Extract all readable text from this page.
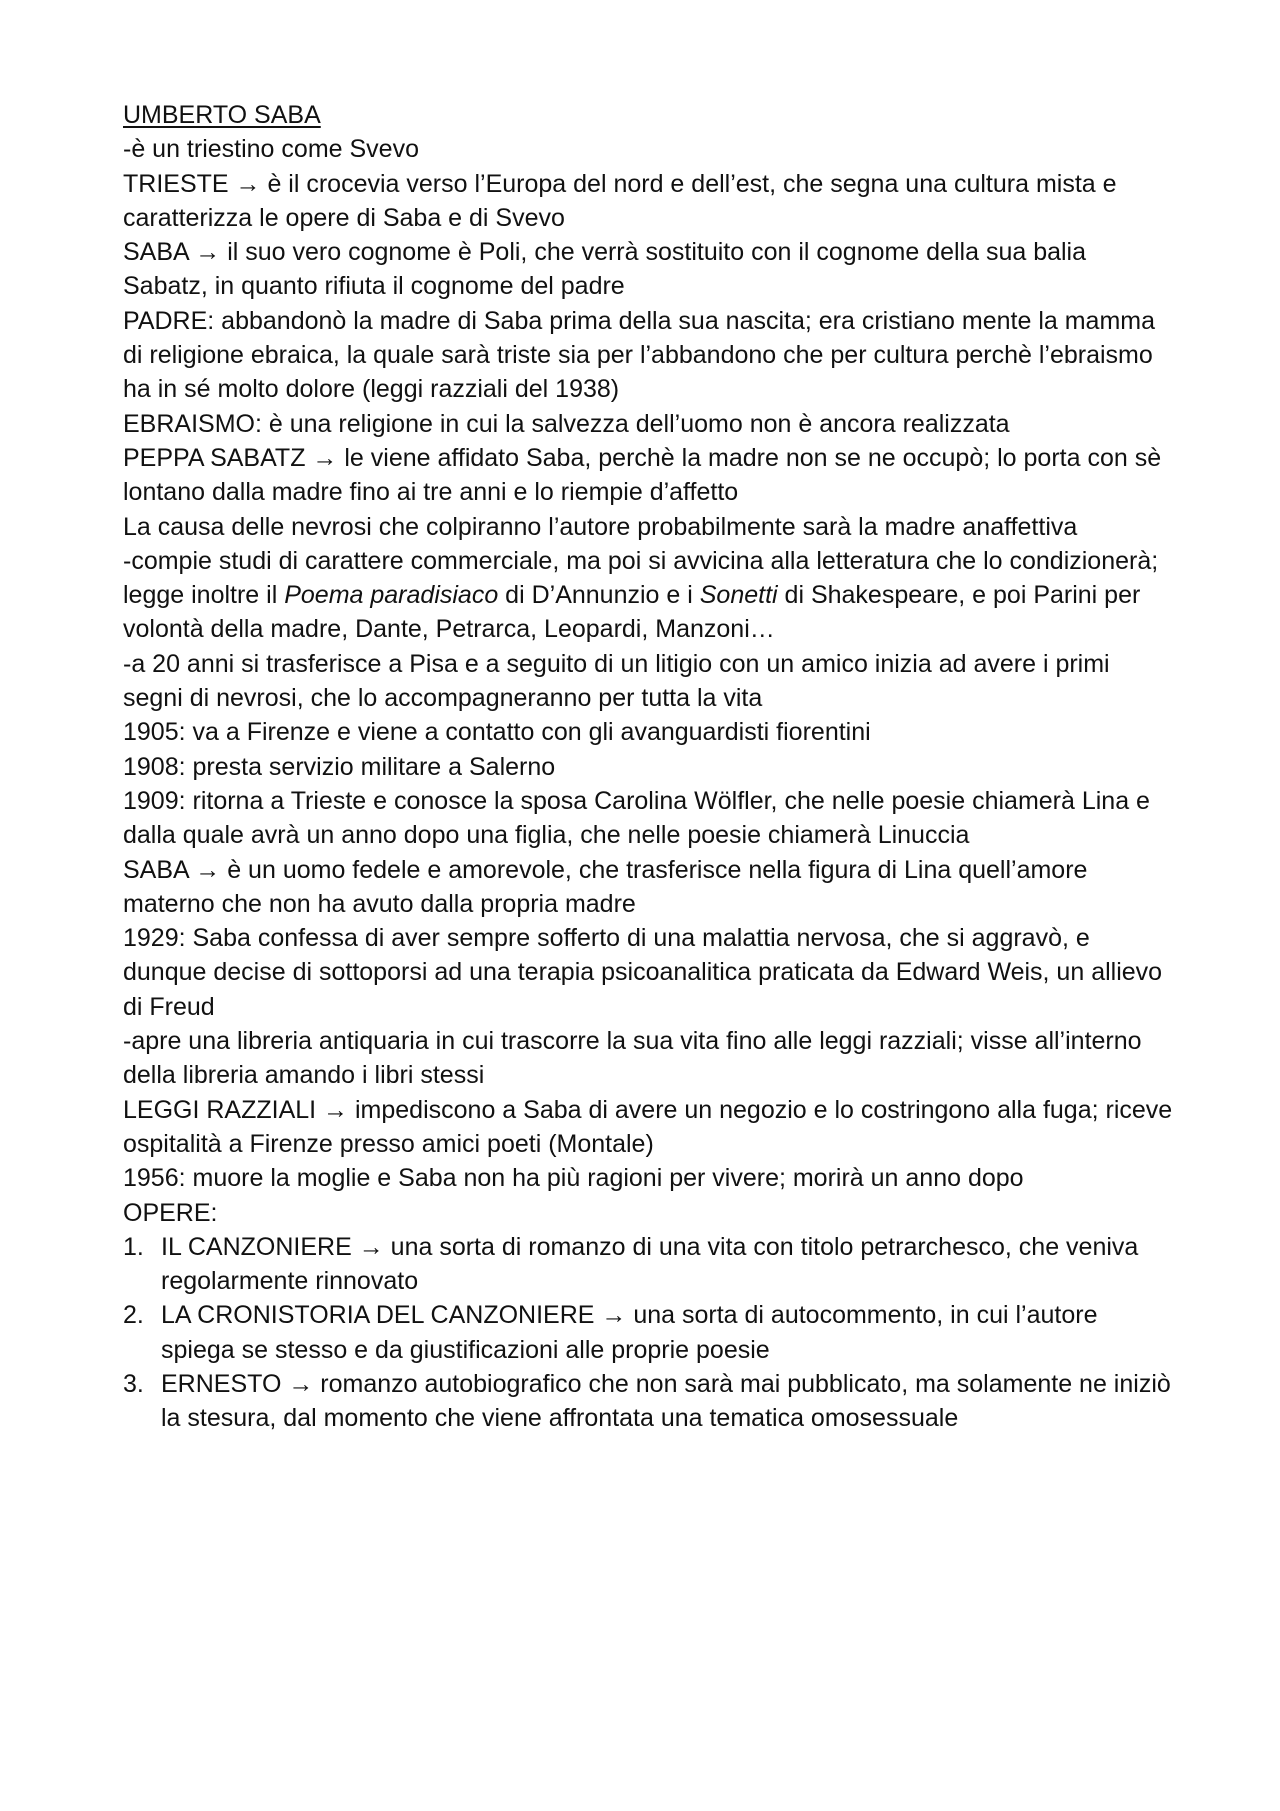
UMBERTO SABA

-è un triestino come Svevo

TRIESTE → è il crocevia verso l’Europa del nord e dell’est, che segna una cultura mista e caratterizza le opere di Saba e di Svevo

SABA → il suo vero cognome è Poli, che verrà sostituito con il cognome della sua balia Sabatz, in quanto rifiuta il cognome del padre

PADRE: abbandonò la madre di Saba prima della sua nascita; era cristiano mente la mamma di religione ebraica, la quale sarà triste sia per l’abbandono che per cultura perchè l’ebraismo ha in sé molto dolore (leggi razziali del 1938)

EBRAISMO: è una religione in cui la salvezza dell’uomo non è ancora realizzata

PEPPA SABATZ → le viene affidato Saba, perchè la madre non se ne occupò; lo porta con sè lontano dalla madre fino ai tre anni e lo riempie d’affetto

La causa delle nevrosi che colpiranno l’autore probabilmente sarà la madre anaffettiva

-compie studi di carattere commerciale, ma poi si avvicina alla letteratura che lo condizionerà; legge inoltre il Poema paradisiaco di D’Annunzio e i Sonetti di Shakespeare, e poi Parini per volontà della madre, Dante, Petrarca, Leopardi, Manzoni…

-a 20 anni si trasferisce a Pisa e a seguito di un litigio con un amico inizia ad avere i primi segni di nevrosi, che lo accompagneranno per tutta la vita

1905: va a Firenze e viene a contatto con gli avanguardisti fiorentini

1908: presta servizio militare a Salerno

1909: ritorna a Trieste e conosce la sposa Carolina Wölfler, che nelle poesie chiamerà Lina e dalla quale avrà un anno dopo una figlia, che nelle poesie chiamerà Linuccia

SABA → è un uomo fedele e amorevole, che trasferisce nella figura di Lina quell’amore materno che non ha avuto dalla propria madre

1929: Saba confessa di aver sempre sofferto di una malattia nervosa, che si aggravò, e dunque decise di sottoporsi ad una terapia psicoanalitica praticata da Edward Weis, un allievo di Freud

-apre una libreria antiquaria in cui trascorre la sua vita fino alle leggi razziali; visse all’interno della libreria amando i libri stessi

LEGGI RAZZIALI → impediscono a Saba di avere un negozio e lo costringono alla fuga; riceve ospitalità a Firenze presso amici poeti (Montale)

1956: muore la moglie e Saba non ha più ragioni per vivere; morirà un anno dopo

OPERE:

1. IL CANZONIERE → una sorta di romanzo di una vita con titolo petrarchesco, che veniva regolarmente rinnovato
2. LA CRONISTORIA DEL CANZONIERE → una sorta di autocommento, in cui l’autore spiega se stesso e da giustificazioni alle proprie poesie
3. ERNESTO → romanzo autobiografico che non sarà mai pubblicato, ma solamente ne iniziò la stesura, dal momento che viene affrontata una tematica omosessuale
